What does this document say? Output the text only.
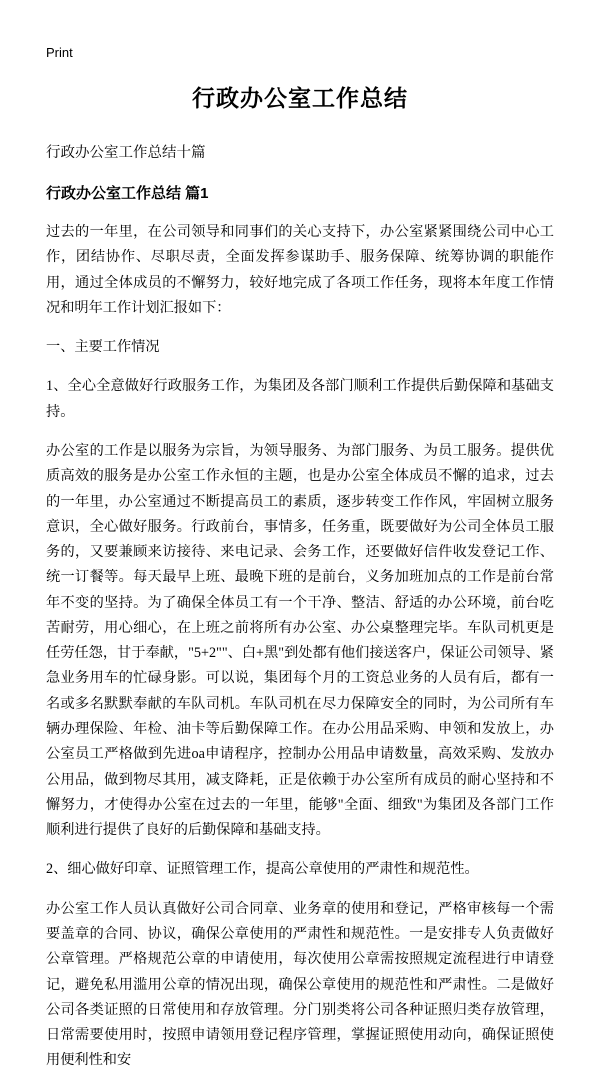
Print
行政办公室工作总结
行政办公室工作总结十篇
行政办公室工作总结 篇1

过去的一年里，在公司领导和同事们的关心支持下，办公室紧紧围绕公司中心工作，团结协作、尽职尽责，全面发挥参谋助手、服务保障、统筹协调的职能作用，通过全体成员的不懈努力，较好地完成了各项工作任务，现将本年度工作情况和明年工作计划汇报如下：

一、主要工作情况

1、全心全意做好行政服务工作，为集团及各部门顺利工作提供后勤保障和基础支持。

办公室的工作是以服务为宗旨，为领导服务、为部门服务、为员工服务。提供优质高效的服务是办公室工作永恒的主题，也是办公室全体成员不懈的追求，过去的一年里，办公室通过不断提高员工的素质，逐步转变工作作风，牢固树立服务意识，全心做好服务。行政前台，事情多，任务重，既要做好为公司全体员工服务的，又要兼顾来访接待、来电记录、会务工作，还要做好信件收发登记工作、统一订餐等。每天最早上班、最晚下班的是前台，义务加班加点的工作是前台常年不变的坚持。为了确保全体员工有一个干净、整洁、舒适的办公环境，前台吃苦耐劳，用心细心，在上班之前将所有办公室、办公桌整理完毕。车队司机更是任劳任怨，甘于奉献，"5+2""、白+黑"到处都有他们接送客户，保证公司领导、紧急业务用车的忙碌身影。可以说，集团每个月的工资总业务的人员有后，都有一名或多名默默奉献的车队司机。车队司机在尽力保障安全的同时，为公司所有车辆办理保险、年检、油卡等后勤保障工作。在办公用品采购、申领和发放上，办公室员工严格做到先进oa申请程序，控制办公用品申请数量，高效采购、发放办公用品，做到物尽其用，减支降耗，正是依赖于办公室所有成员的耐心坚持和不懈努力，才使得办公室在过去的一年里，能够"全面、细致"为集团及各部门工作顺利进行提供了良好的后勤保障和基础支持。

2、细心做好印章、证照管理工作，提高公章使用的严肃性和规范性。

办公室工作人员认真做好公司合同章、业务章的使用和登记，严格审核每一个需要盖章的合同、协议，确保公章使用的严肃性和规范性。一是安排专人负责做好公章管理。严格规范公章的申请使用，每次使用公章需按照规定流程进行申请登记，避免私用滥用公章的情况出现，确保公章使用的规范性和严肃性。二是做好公司各类证照的日常使用和存放管理。分门别类将公司各种证照归类存放管理，日常需要使用时，按照申请领用登记程序管理，掌握证照使用动向，确保证照使用便利性和安
